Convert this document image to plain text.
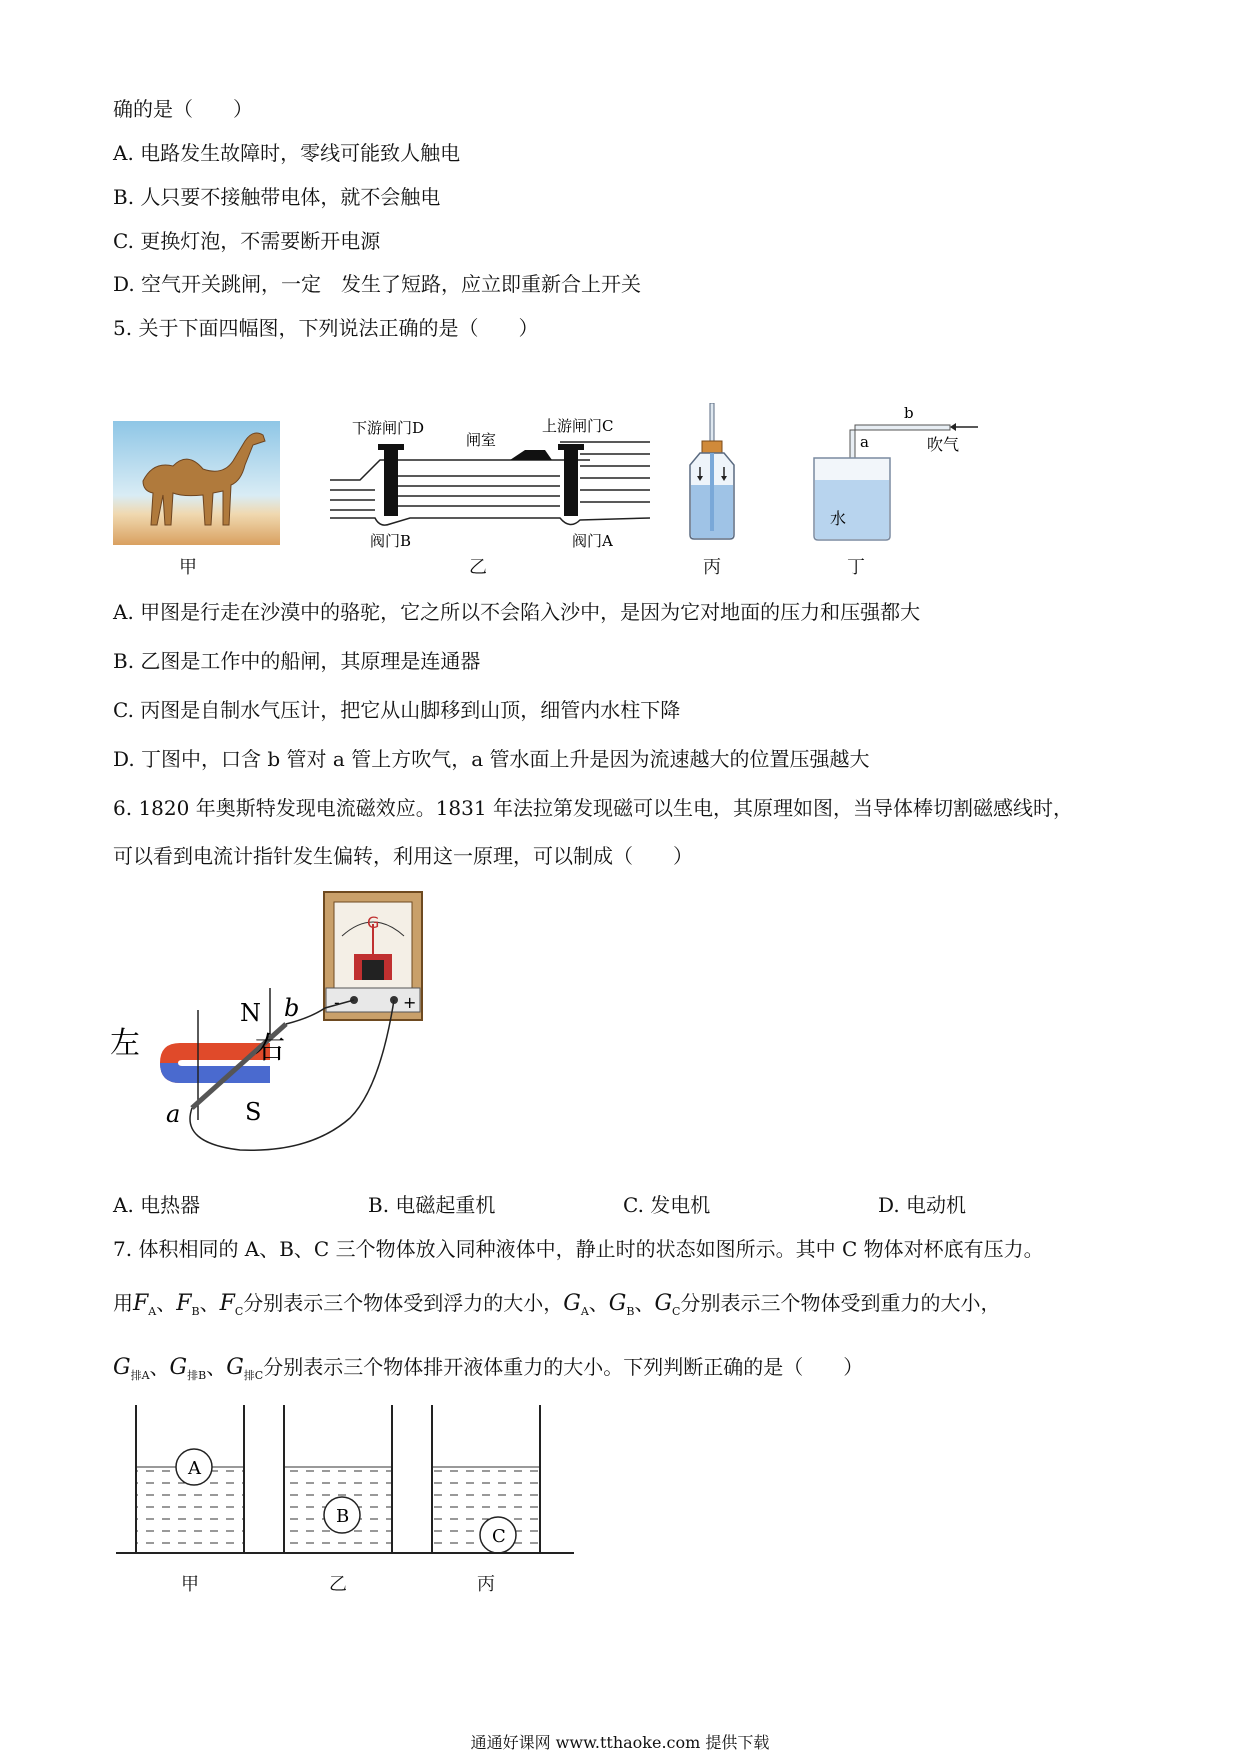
确的是（　　）
A. 电路发生故障时，零线可能致人触电
B. 人只要不接触带电体，就不会触电
C. 更换灯泡，不需要断开电源
D. 空气开关跳闸，一定　发生了短路，应立即重新合上开关
5. 关于下面四幅图，下列说法正确的是（　　）
甲
下游闸门D
闸室
上游闸门C
阀门B	阀门A
乙	丙
b
a	吹气
水
丁
A. 甲图是行走在沙漠中的骆驼，它之所以不会陷入沙中，是因为它对地面的压力和压强都大
B. 乙图是工作中的船闸，其原理是连通器
C. 丙图是自制水气压计，把它从山脚移到山顶，细管内水柱下降
D. 丁图中，口含 b 管对 a 管上方吹气，a 管水面上升是因为流速越大的位置压强越大
6. 1820 年奥斯特发现电流磁效应。1831 年法拉第发现磁可以生电，其原理如图，当导体棒切割磁感线时，
可以看到电流计指针发生偏转，利用这一原理，可以制成（　　）
G
-	+
左	右
N
S
a
b
A. 电热器	B. 电磁起重机	C. 发电机	D. 电动机
7. 体积相同的 A、B、C 三个物体放入同种液体中，静止时的状态如图所示。其中 C 物体对杯底有压力。
用$F_A$、$F_B$、$F_C$分别表示三个物体受到浮力的大小，$G_A$、$G_B$、$G_C$分别表示三个物体受到重力的大小，
$G_{排A}$、$G_{排B}$、$G_{排C}$分别表示三个物体排开液体重力的大小。下列判断正确的是（　　）
A
B
C
甲	乙	丙
通通好课网 www.tthaoke.com 提供下载
